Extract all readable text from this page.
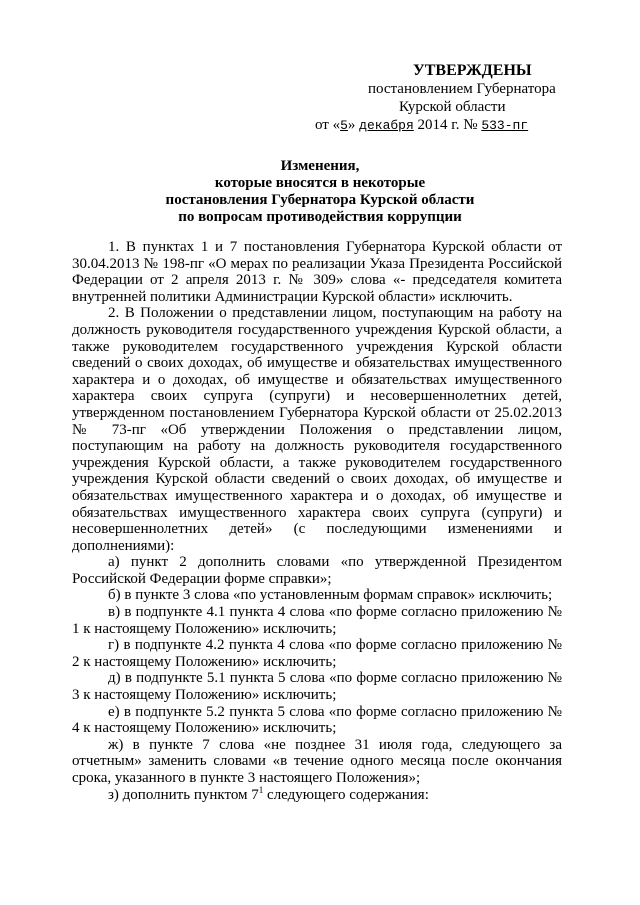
УТВЕРЖДЕНЫ
постановлением Губернатора
Курской области
от «5» декабря 2014 г. № 533-пг
Изменения,
которые вносятся в некоторые
постановления Губернатора Курской области
по вопросам противодействия коррупции

1. В пунктах 1 и 7 постановления Губернатора Курской области от 30.04.2013 № 198-пг «О мерах по реализации Указа Президента Российской Федерации от 2 апреля 2013 г. № 309» слова «- председателя комитета внутренней политики Администрации Курской области» исключить.

2. В Положении о представлении лицом, поступающим на работу на должность руководителя государственного учреждения Курской области, а также руководителем государственного учреждения Курской области сведений о своих доходах, об имуществе и обязательствах имущественного характера и о доходах, об имуществе и обязательствах имущественного характера своих супруга (супруги) и несовершеннолетних детей, утвержденном постановлением Губернатора Курской области от 25.02.2013 № 73-пг «Об утверждении Положения о представлении лицом, поступающим на работу на должность руководителя государственного учреждения Курской области, а также руководителем государственного учреждения Курской области сведений о своих доходах, об имуществе и обязательствах имущественного характера и о доходах, об имуществе и обязательствах имущественного характера своих супруга (супруги) и несовершеннолетних детей» (с последующими изменениями и дополнениями):

а) пункт 2 дополнить словами «по утвержденной Президентом Российской Федерации форме справки»;

б) в пункте 3 слова «по установленным формам справок» исключить;

в) в подпункте 4.1 пункта 4 слова «по форме согласно приложению № 1 к настоящему Положению» исключить;

г) в подпункте 4.2 пункта 4 слова «по форме согласно приложению № 2 к настоящему Положению» исключить;

д) в подпункте 5.1 пункта 5 слова «по форме согласно приложению № 3 к настоящему Положению» исключить;

е) в подпункте 5.2 пункта 5 слова «по форме согласно приложению № 4 к настоящему Положению» исключить;

ж) в пункте 7 слова «не позднее 31 июля года, следующего за отчетным» заменить словами «в течение одного месяца после окончания срока, указанного в пункте 3 настоящего Положения»;

з) дополнить пунктом $7^1$ следующего содержания:
